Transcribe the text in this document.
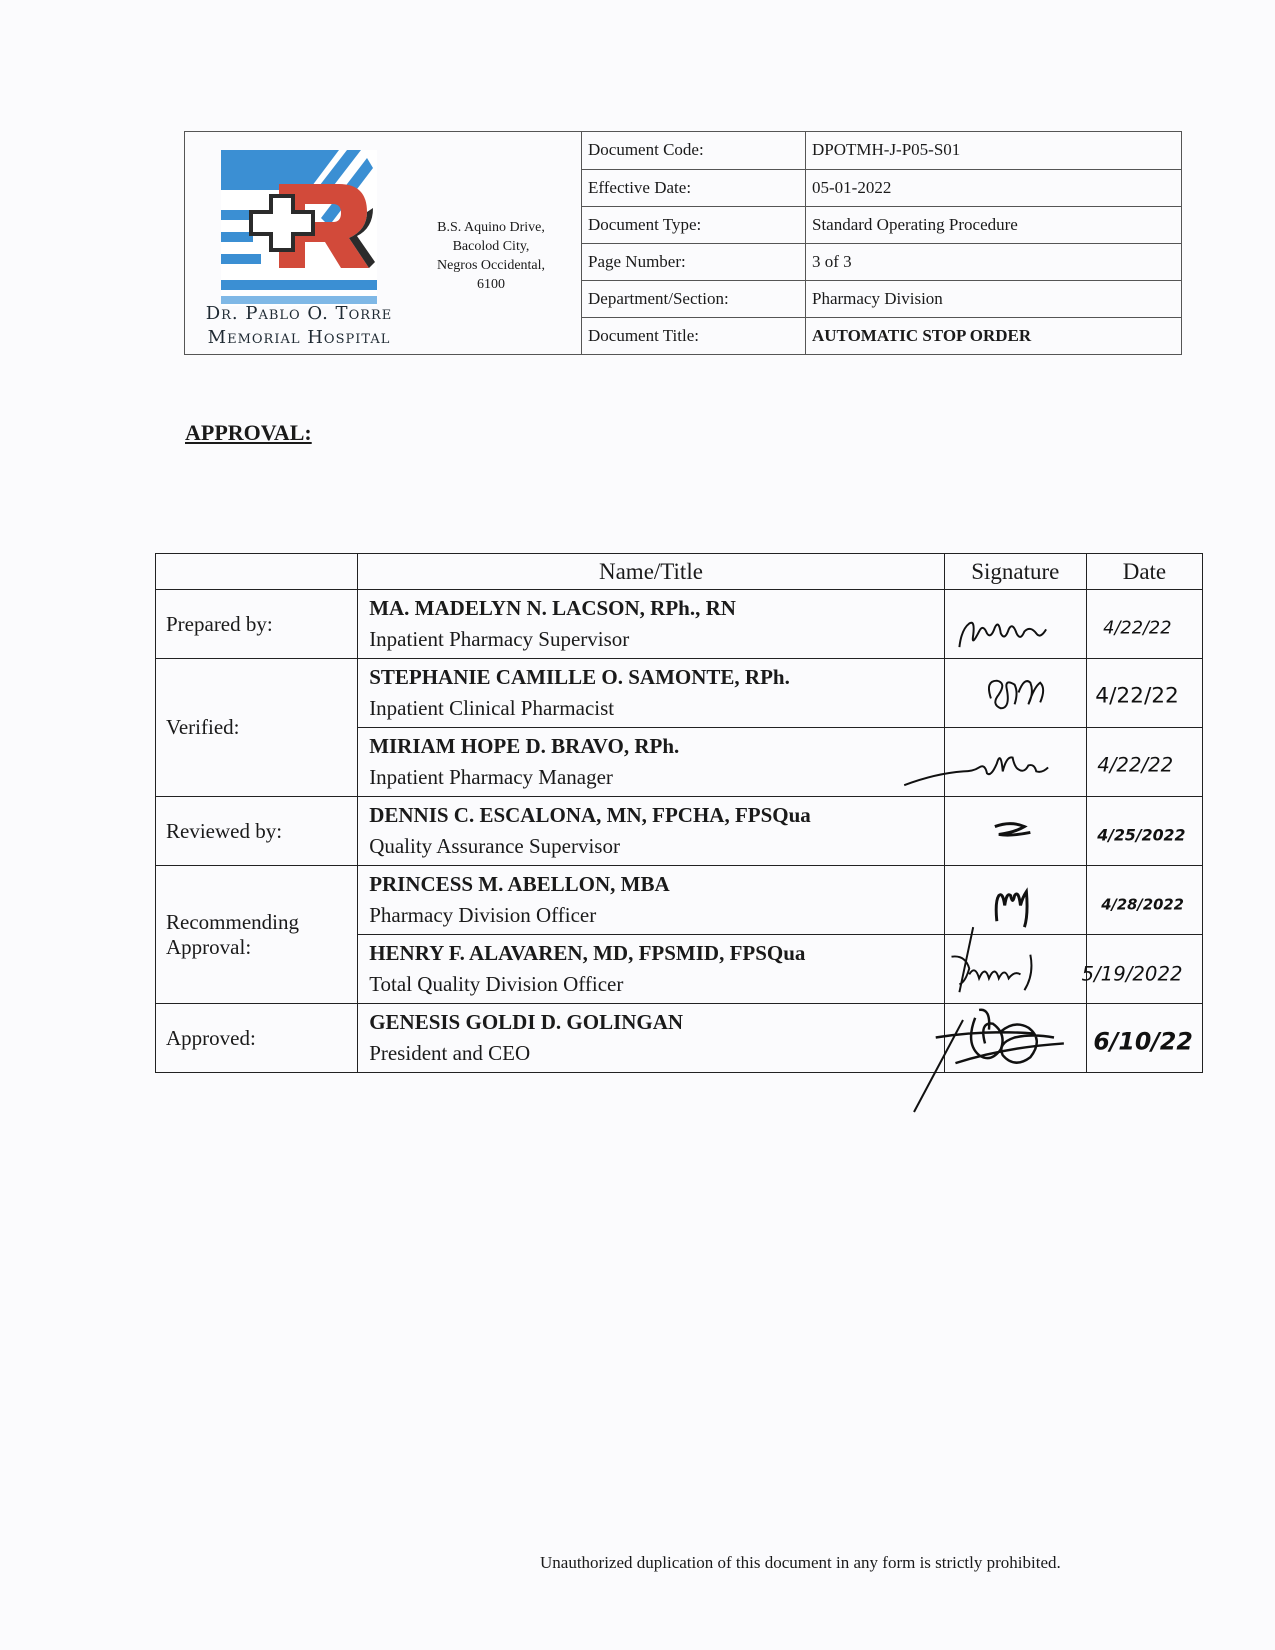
Dr. Pablo O. Torre
Memorial Hospital
B.S. Aquino Drive,
Bacolod City,
Negros Occidental,
6100
Document Code:	DPOTMH-J-P05-S01
Effective Date:	05-01-2022
Document Type:	Standard Operating Procedure
Page Number:	3 of 3
Department/Section:	Pharmacy Division
Document Title:	AUTOMATIC STOP ORDER
APPROVAL:
	Name/Title	Signature	Date
Prepared by:	MA. MADELYN N. LACSON, RPh., RN
Inpatient Pharmacy Supervisor		4/22/22

Verified:	STEPHANIE CAMILLE O. SAMONTE, RPh.
Inpatient Clinical Pharmacist		4/22/22

	MIRIAM HOPE D. BRAVO, RPh.
Inpatient Pharmacy Manager		4/22/22

Reviewed by:	DENNIS C. ESCALONA, MN, FPCHA, FPSQua
Quality Assurance Supervisor		4/25/2022

Recommending
Approval:	PRINCESS M. ABELLON, MBA
Pharmacy Division Officer		4/28/2022

	HENRY F. ALAVAREN, MD, FPSMID, FPSQua
Total Quality Division Officer		5/19/2022

Approved:	GENESIS GOLDI D. GOLINGAN
President and CEO		6/10/22
Unauthorized duplication of this document in any form is strictly prohibited.
